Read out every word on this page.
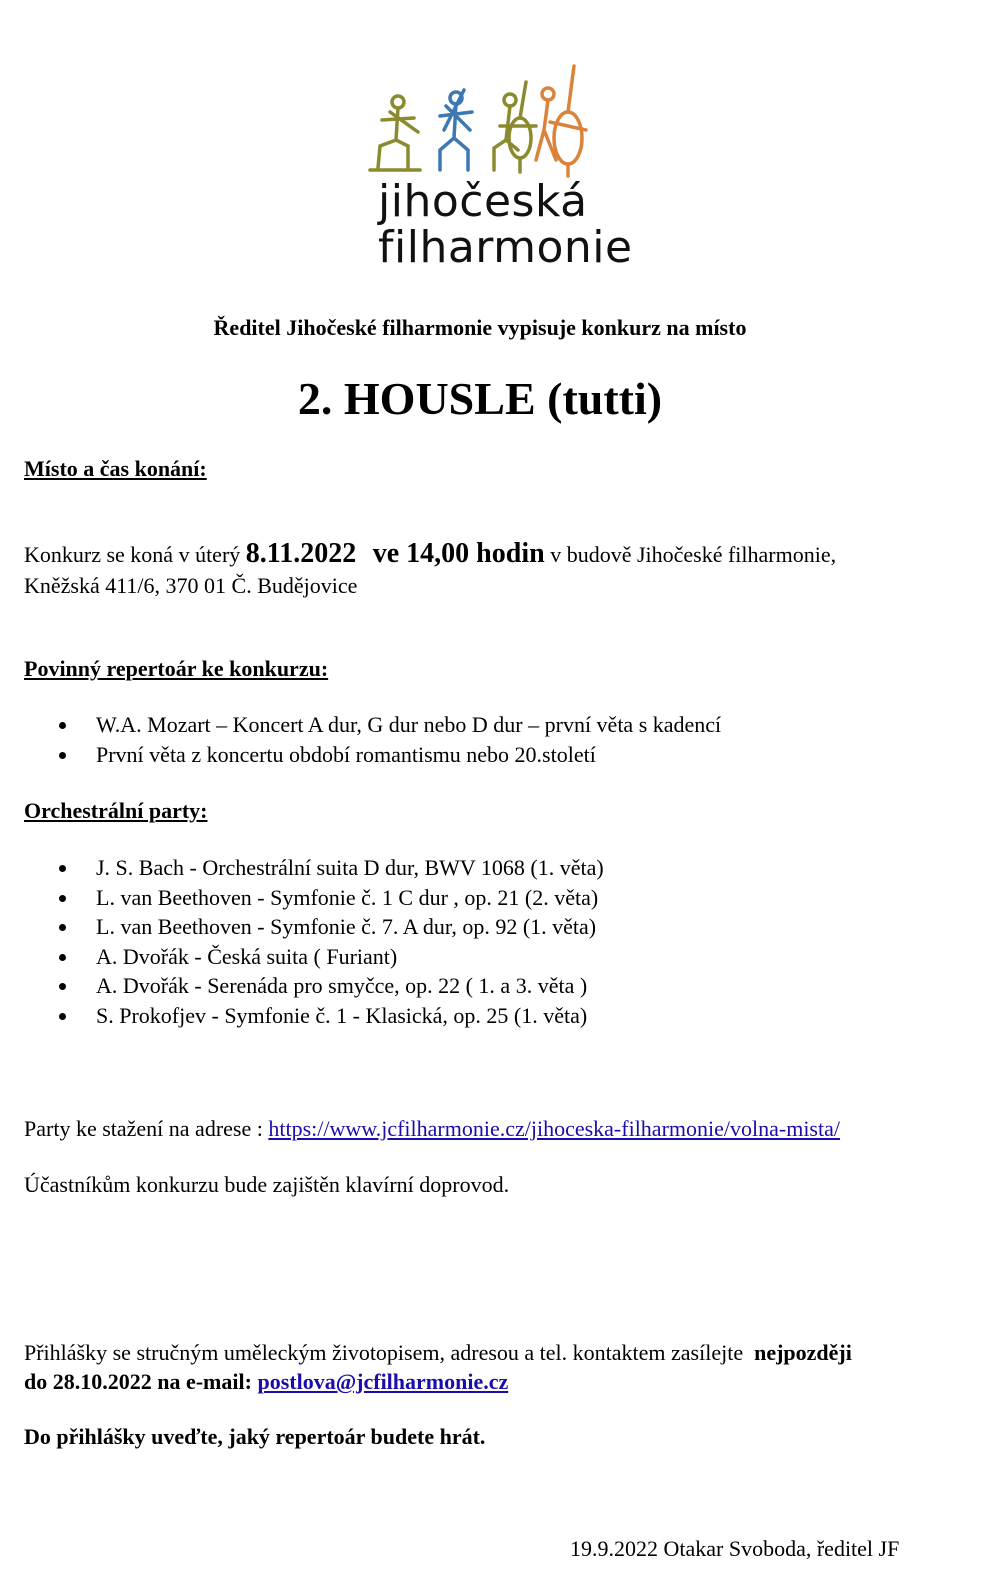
jihočeská
filharmonie
Ředitel Jihočeské filharmonie vypisuje konkurz na místo
2. HOUSLE (tutti)
Místo a čas konání:
Konkurz se koná v úterý 8.11.2022 ve 14,00 hodin v budově Jihočeské filharmonie,
Kněžská 411/6, 370 01 Č. Budějovice
Povinný repertoár ke konkurzu:
W.A. Mozart – Koncert A dur, G dur nebo D dur – první věta s kadencí
První věta z koncertu období romantismu nebo 20.století
Orchestrální party:
J. S. Bach - Orchestrální suita D dur, BWV 1068 (1. věta)
L. van Beethoven - Symfonie č. 1 C dur , op. 21 (2. věta)
L. van Beethoven - Symfonie č. 7. A dur, op. 92 (1. věta)
A. Dvořák - Česká suita ( Furiant)
A. Dvořák - Serenáda pro smyčce, op. 22 ( 1. a 3. věta )
S. Prokofjev - Symfonie č. 1 - Klasická, op. 25 (1. věta)
Party ke stažení na adrese : https://www.jcfilharmonie.cz/jihoceska-filharmonie/volna-mista/
Účastníkům konkurzu bude zajištěn klavírní doprovod.
Přihlášky se stručným uměleckým životopisem, adresou a tel. kontaktem zasílejte  nejpozději
do 28.10.2022 na e-mail: postlova@jcfilharmonie.cz
Do přihlášky uveďte, jaký repertoár budete hrát.
19.9.2022 Otakar Svoboda, ředitel JF
